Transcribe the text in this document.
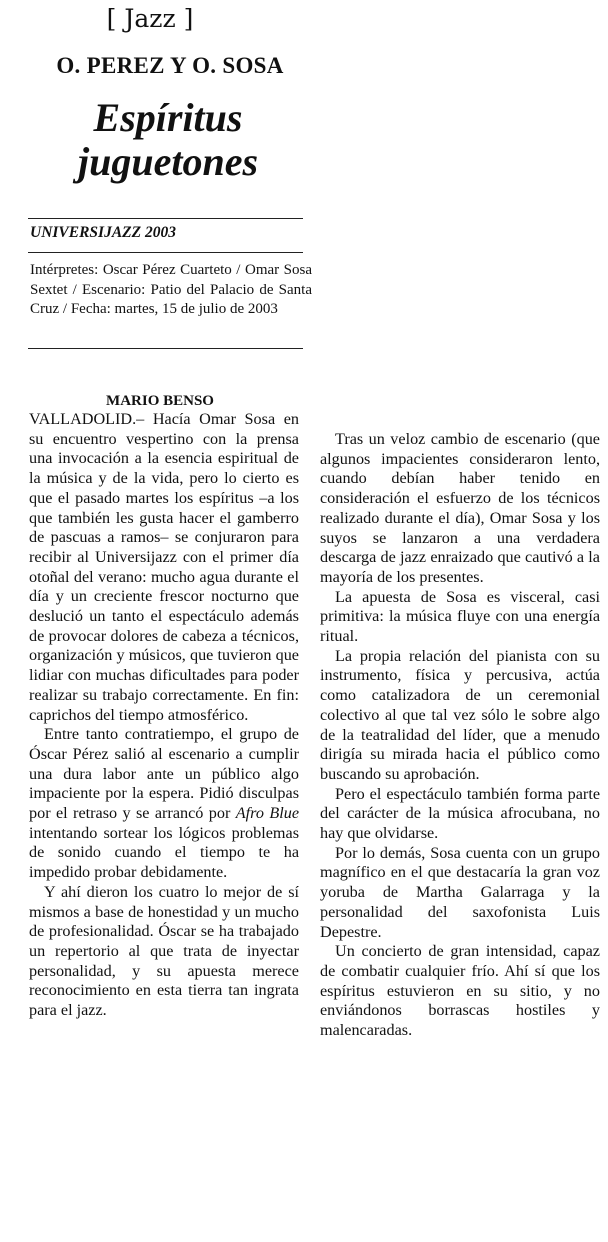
[ Jazz ]
O. PEREZ Y O. SOSA
Espíritus
juguetones
UNIVERSIJAZZ 2003
Intérpretes: Oscar Pérez Cuarteto / Omar Sosa Sextet / Escenario: Patio del Palacio de Santa Cruz / Fecha: martes, 15 de julio de 2003
MARIO BENSO

VALLADOLID.– Hacía Omar Sosa en su encuentro vespertino con la prensa una invocación a la esencia espiritual de la música y de la vida, pero lo cierto es que el pasado martes los espíritus –a los que también les gusta hacer el gamberro de pascuas a ramos– se conjuraron para recibir al Universijazz con el primer día otoñal del verano: mucho agua durante el día y un creciente frescor nocturno que deslució un tanto el espectáculo además de provocar dolores de cabeza a técnicos, organización y músicos, que tuvieron que lidiar con muchas dificultades para poder realizar su trabajo correctamente. En fin: caprichos del tiempo atmosférico.

Entre tanto contratiempo, el grupo de Óscar Pérez salió al escenario a cumplir una dura labor ante un público algo impaciente por la espera. Pidió disculpas por el retraso y se arrancó por Afro Blue intentando sortear los lógicos problemas de sonido cuando el tiempo te ha impedido probar debidamente.

Y ahí dieron los cuatro lo mejor de sí mismos a base de honestidad y un mucho de profesionalidad. Óscar se ha trabajado un repertorio al que trata de inyectar personalidad, y su apuesta merece reconocimiento en esta tierra tan ingrata para el jazz.

Tras un veloz cambio de escenario (que algunos impacientes consideraron lento, cuando debían haber tenido en consideración el esfuerzo de los técnicos realizado durante el día), Omar Sosa y los suyos se lanzaron a una verdadera descarga de jazz enraizado que cautivó a la mayoría de los presentes.

La apuesta de Sosa es visceral, casi primitiva: la música fluye con una energía ritual.

La propia relación del pianista con su instrumento, física y percusiva, actúa como catalizadora de un ceremonial colectivo al que tal vez sólo le sobre algo de la teatralidad del líder, que a menudo dirigía su mirada hacia el público como buscando su aprobación.

Pero el espectáculo también forma parte del carácter de la música afrocubana, no hay que olvidarse.

Por lo demás, Sosa cuenta con un grupo magnífico en el que destacaría la gran voz yoruba de Martha Galarraga y la personalidad del saxofonista Luis Depestre.

Un concierto de gran intensidad, capaz de combatir cualquier frío. Ahí sí que los espíritus estuvieron en su sitio, y no enviándonos borrascas hostiles y malencaradas.
